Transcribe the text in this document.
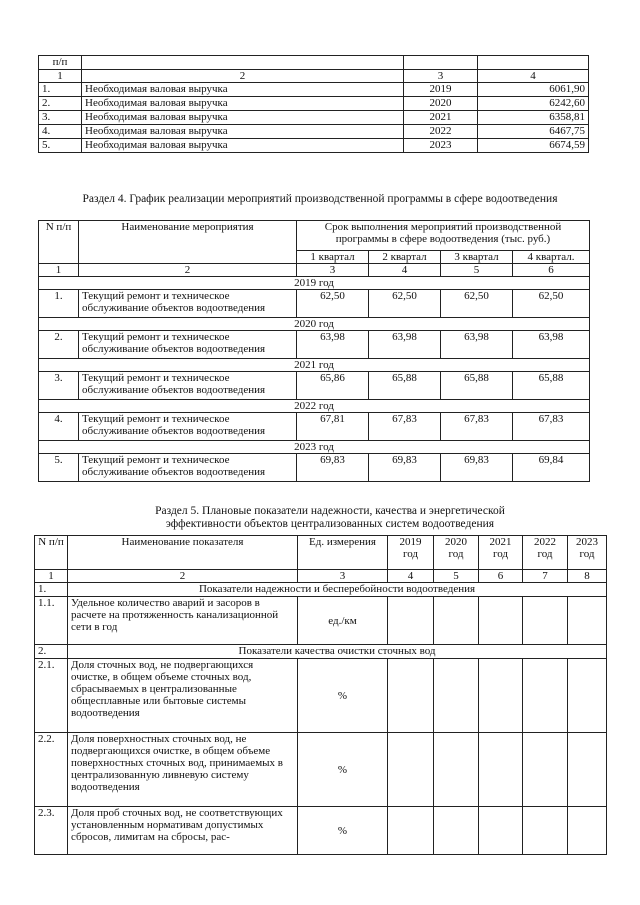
п/п			
1	2	3	4
1.	Необходимая валовая выручка	2019	6061,90
2.	Необходимая валовая выручка	2020	6242,60
3.	Необходимая валовая выручка	2021	6358,81
4.	Необходимая валовая выручка	2022	6467,75
5.	Необходимая валовая выручка	2023	6674,59
Раздел 4. График реализации мероприятий производственной программы в сфере водоотведения
N п/п	Наименование мероприятия	Срок выполнения мероприятий производственной программы в сфере водоотведения (тыс. руб.)			
		1 квартал	2 квартал	3 квартал	4 квартал.
1	2	3	4	5	6
2019 год					
1.	Текущий ремонт и техническое обслуживание объектов водоотведения	62,50	62,50	62,50	62,50
2020 год					
2.	Текущий ремонт и техническое обслуживание объектов водоотведения	63,98	63,98	63,98	63,98
2021 год					
3.	Текущий ремонт и техническое обслуживание объектов водоотведения	65,86	65,88	65,88	65,88
2022 год					
4.	Текущий ремонт и техническое обслуживание объектов водоотведения	67,81	67,83	67,83	67,83
2023 год					
5.	Текущий ремонт и техническое обслуживание объектов водоотведения	69,83	69,83	69,83	69,84
Раздел 5. Плановые показатели надежности, качества и энергетической эффективности объектов централизованных систем водоотведения
N п/п	Наименование показателя	Ед. измерения	2019 год	2020 год	2021 год	2022 год	2023 год
1	2	3	4	5	6	7	8
1.	Показатели надежности и бесперебойности водоотведения						
1.1.	Удельное количество аварий и засоров в расчете на протяженность канализационной сети в год	ед./км					
2.	Показатели качества очистки сточных вод						
2.1.	Доля сточных вод, не подвергающихся очистке, в общем объеме сточных вод, сбрасываемых в централизованные общесплавные или бытовые системы водоотведения	%					
2.2.	Доля поверхностных сточных вод, не подвергающихся очистке, в общем объеме поверхностных сточных вод, принимаемых в централизованную ливневую систему водоотведения	%					
2.3.	Доля проб сточных вод, не соответствующих установленным нормативам допустимых сбросов, лимитам на сбросы, рас-	%					
